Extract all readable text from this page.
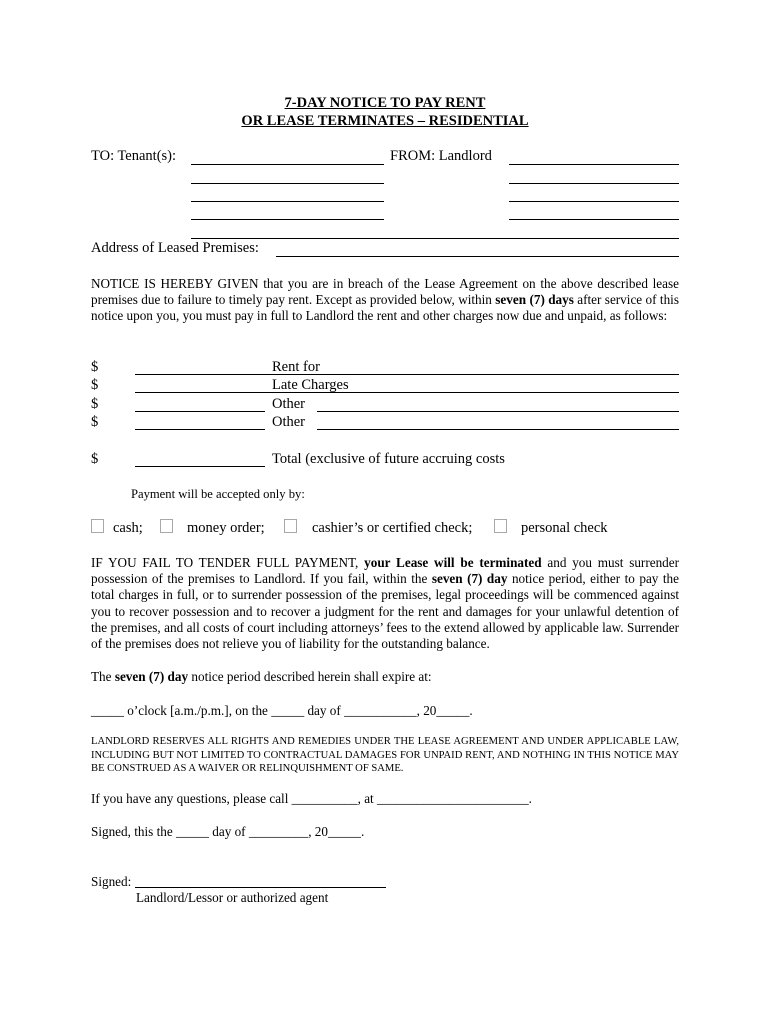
7-DAY NOTICE TO PAY RENT
OR LEASE TERMINATES – RESIDENTIAL
TO: Tenant(s):	FROM: Landlord
Address of Leased Premises:
NOTICE IS HEREBY GIVEN that you are in breach of the Lease Agreement on the above described lease premises due to failure to timely pay rent. Except as provided below, within seven (7) days after service of this notice upon you, you must pay in full to Landlord the rent and other charges now due and unpaid, as follows:
$	Rent for
$	Late Charges
$	Other
$	Other
$	Total (exclusive of future accruing costs
Payment will be accepted only by:
cash;	money order;	cashier’s or certified check;	personal check
IF YOU FAIL TO TENDER FULL PAYMENT, your Lease will be terminated and you must surrender possession of the premises to Landlord. If you fail, within the seven (7) day notice period, either to pay the total charges in full, or to surrender possession of the premises, legal proceedings will be commenced against you to recover possession and to recover a judgment for the rent and damages for your unlawful detention of the premises, and all costs of court including attorneys’ fees to the extend allowed by applicable law. Surrender of the premises does not relieve you of liability for the outstanding balance.
The seven (7) day notice period described herein shall expire at:
_____ o’clock [a.m./p.m.], on the _____ day of ___________, 20_____.
LANDLORD RESERVES ALL RIGHTS AND REMEDIES UNDER THE LEASE AGREEMENT AND UNDER APPLICABLE LAW, INCLUDING BUT NOT LIMITED TO CONTRACTUAL DAMAGES FOR UNPAID RENT, AND NOTHING IN THIS NOTICE MAY BE CONSTRUED AS A WAIVER OR RELINQUISHMENT OF SAME.
If you have any questions, please call __________, at _______________________.
Signed, this the _____ day of _________, 20_____.
Signed:
Landlord/Lessor or authorized agent
